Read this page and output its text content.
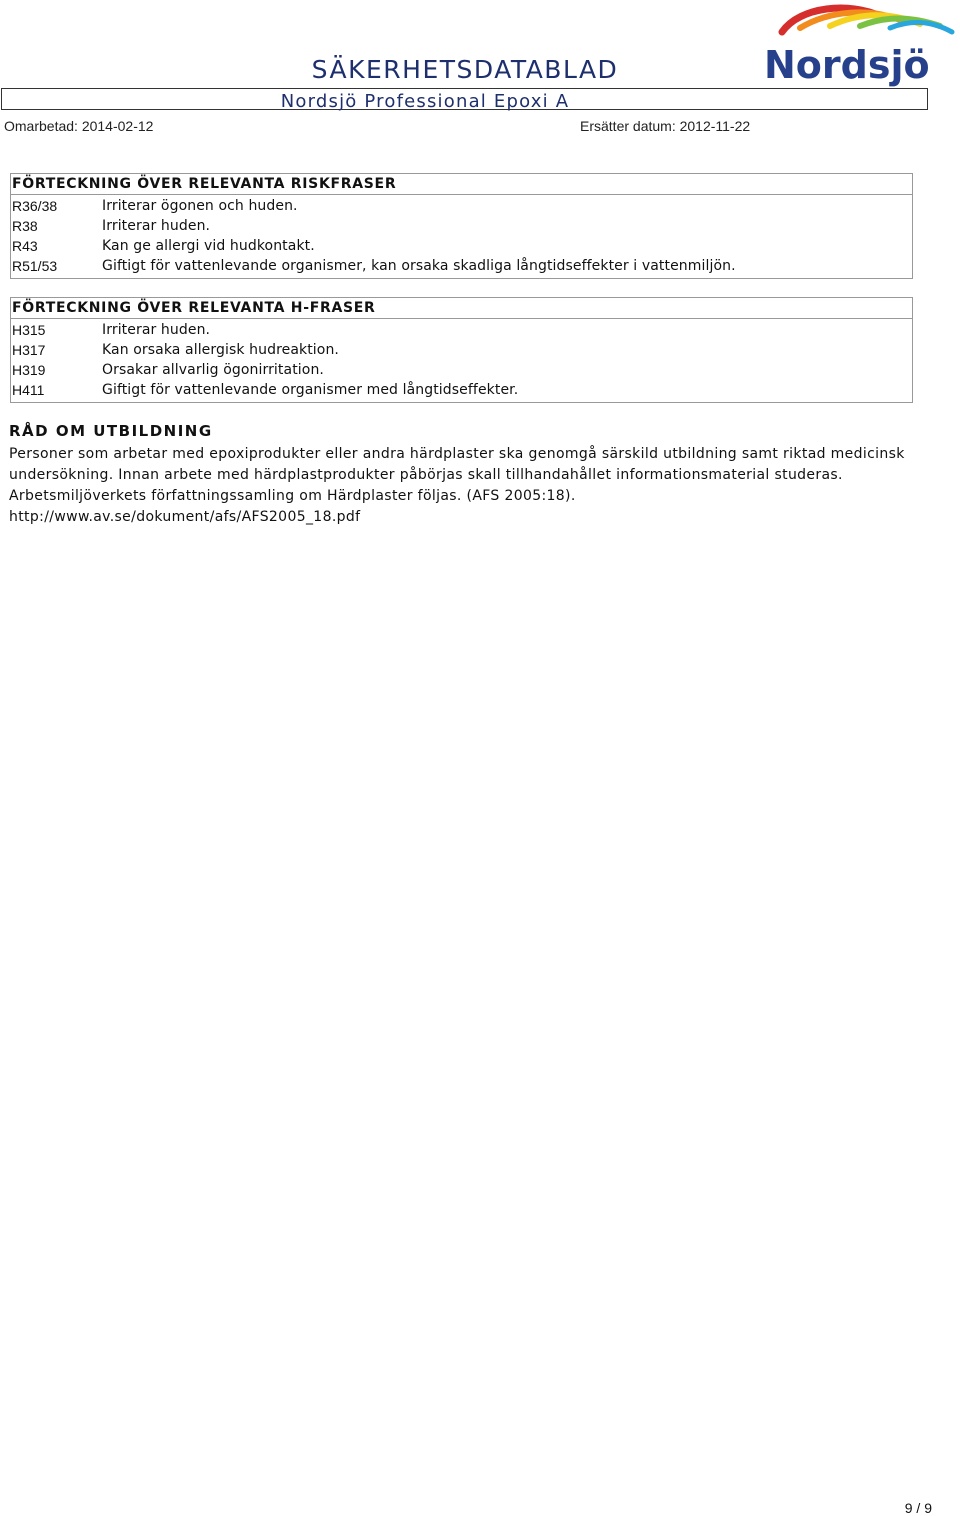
SÄKERHETSDATABLAD	Nordsjö
Nordsjö Professional Epoxi A
Omarbetad: 2014-02-12	Ersätter datum: 2012-11-22
FÖRTECKNING ÖVER RELEVANTA RISKFRASER
R36/38	Irriterar ögonen och huden.
R38	Irriterar huden.
R43	Kan ge allergi vid hudkontakt.
R51/53	Giftigt för vattenlevande organismer, kan orsaka skadliga långtidseffekter i vattenmiljön.
FÖRTECKNING ÖVER RELEVANTA H-FRASER
H315	Irriterar huden.
H317	Kan orsaka allergisk hudreaktion.
H319	Orsakar allvarlig ögonirritation.
H411	Giftigt för vattenlevande organismer med långtidseffekter.
RÅD OM UTBILDNING
Personer som arbetar med epoxiprodukter eller andra härdplaster ska genomgå särskild utbildning samt riktad medicinsk undersökning. Innan arbete med härdplastprodukter påbörjas skall tillhandahållet informationsmaterial studeras. Arbetsmiljöverkets författningssamling om Härdplaster följas. (AFS 2005:18).
http://www.av.se/dokument/afs/AFS2005_18.pdf
9 / 9
